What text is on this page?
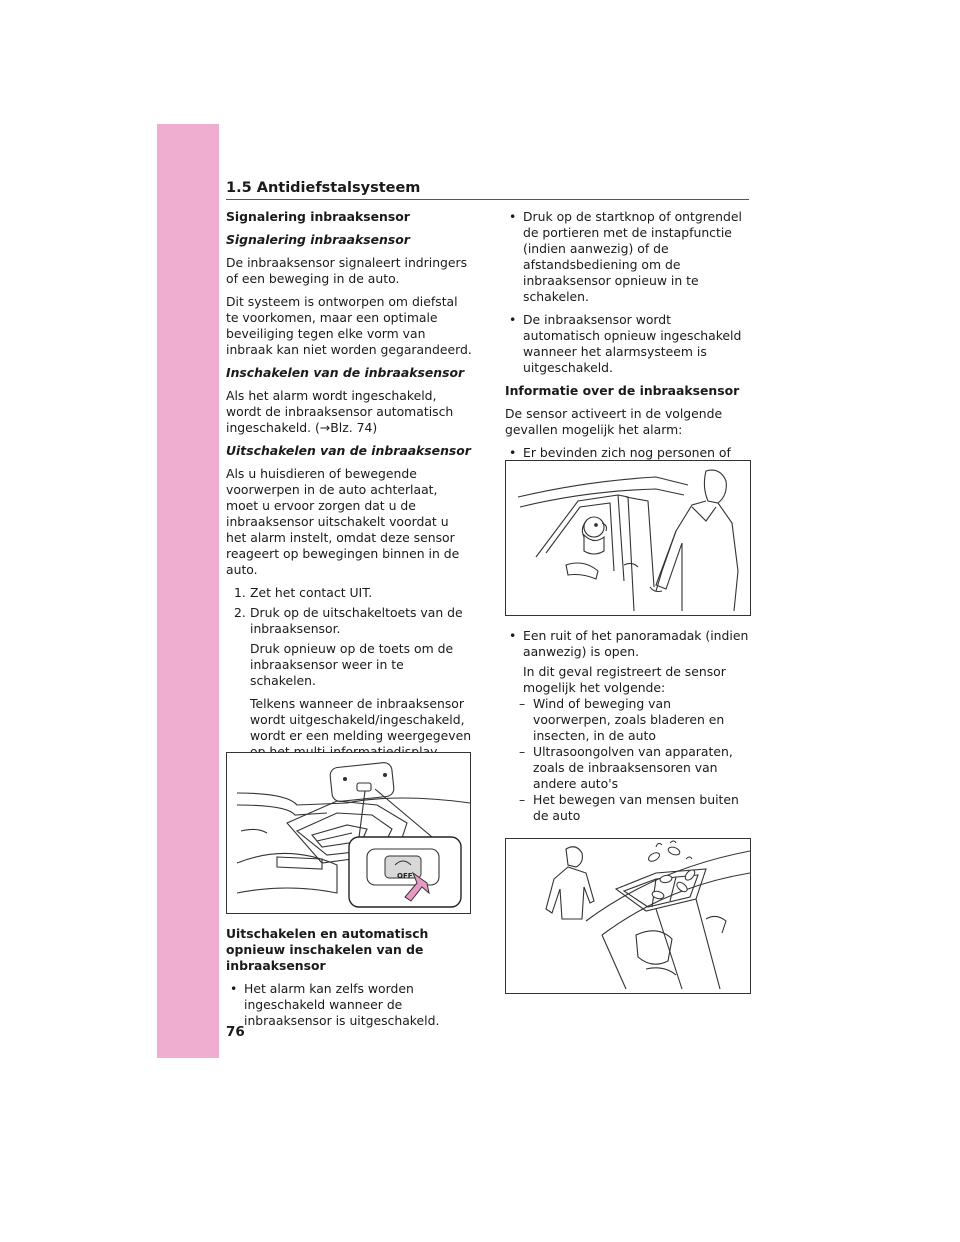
1.5 Antidiefstalsysteem

Signalering inbraaksensor

Signalering inbraaksensor

De inbraaksensor signaleert indringers of een beweging in de auto.

Dit systeem is ontworpen om diefstal te voorkomen, maar een optimale beveiliging tegen elke vorm van inbraak kan niet worden gegarandeerd.

Inschakelen van de inbraaksensor

Als het alarm wordt ingeschakeld, wordt de inbraaksensor automatisch ingeschakeld. (→Blz. 74)

Uitschakelen van de inbraaksensor

Als u huisdieren of bewegende voorwerpen in de auto achterlaat, moet u ervoor zorgen dat u de inbraaksensor uitschakelt voordat u het alarm instelt, omdat deze sensor reageert op bewegingen binnen in de auto.

1. Zet het contact UIT.

2. Druk op de uitschakeltoets van de inbraaksensor.

Druk opnieuw op de toets om de inbraaksensor weer in te schakelen.

Telkens wanneer de inbraaksensor wordt uitgeschakeld/ingeschakeld, wordt er een melding weergegeven

OFF

Uitschakelen en automatisch opnieuw inschakelen van de inbraaksensor

• Het alarm kan zelfs worden ingeschakeld wanneer de inbraaksensor is uitgeschakeld.

• Druk op de startknop of ontgrendel de portieren met de instapfunctie (indien aanwezig) of de afstandsbediening om de inbraaksensor opnieuw in te schakelen.

• De inbraaksensor wordt automatisch opnieuw ingeschakeld wanneer het alarmsysteem is uitgeschakeld.

Informatie over de inbraaksensor

De sensor activeert in de volgende gevallen mogelijk het alarm:

• Er bevinden zich nog personen of

• Een ruit of het panoramadak (indien aanwezig) is open.

In dit geval registreert de sensor mogelijk het volgende:

– Wind of beweging van voorwerpen, zoals bladeren en insecten, in de auto

– Ultrasoongolven van apparaten, zoals de inbraaksensoren van andere auto's

– Het bewegen van mensen buiten de auto

76
